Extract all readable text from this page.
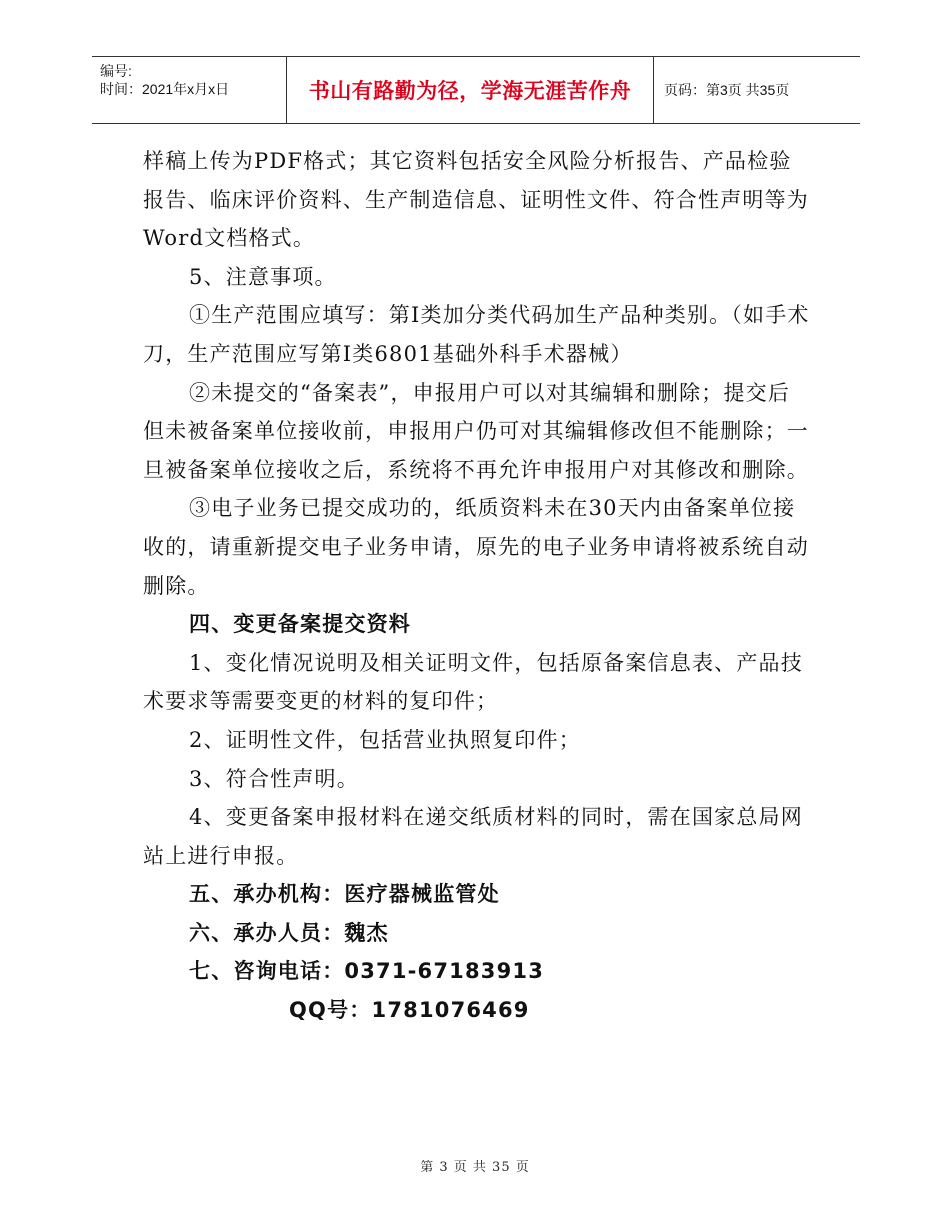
编号:
时间：2021年x月x日	书山有路勤为径，学海无涯苦作舟 页码：第3页 共35页

样稿上传为PDF格式；其它资料包括安全风险分析报告、产品检验报告、临床评价资料、生产制造信息、证明性文件、符合性声明等为Word文档格式。

5、注意事项。

①生产范围应填写：第Ⅰ类加分类代码加生产品种类别。（如手术刀，生产范围应写第Ⅰ类6801基础外科手术器械）

②未提交的“备案表”，申报用户可以对其编辑和删除；提交后但未被备案单位接收前，申报用户仍可对其编辑修改但不能删除；一旦被备案单位接收之后，系统将不再允许申报用户对其修改和删除。

③电子业务已提交成功的，纸质资料未在30天内由备案单位接收的，请重新提交电子业务申请，原先的电子业务申请将被系统自动删除。

四、变更备案提交资料

1、变化情况说明及相关证明文件，包括原备案信息表、产品技术要求等需要变更的材料的复印件；

2、证明性文件，包括营业执照复印件；

3、符合性声明。

4、变更备案申报材料在递交纸质材料的同时，需在国家总局网站上进行申报。

五、承办机构：医疗器械监管处

六、承办人员：魏杰

七、咨询电话：0371-67183913

QQ号：1781076469

第 3 页 共 35 页
